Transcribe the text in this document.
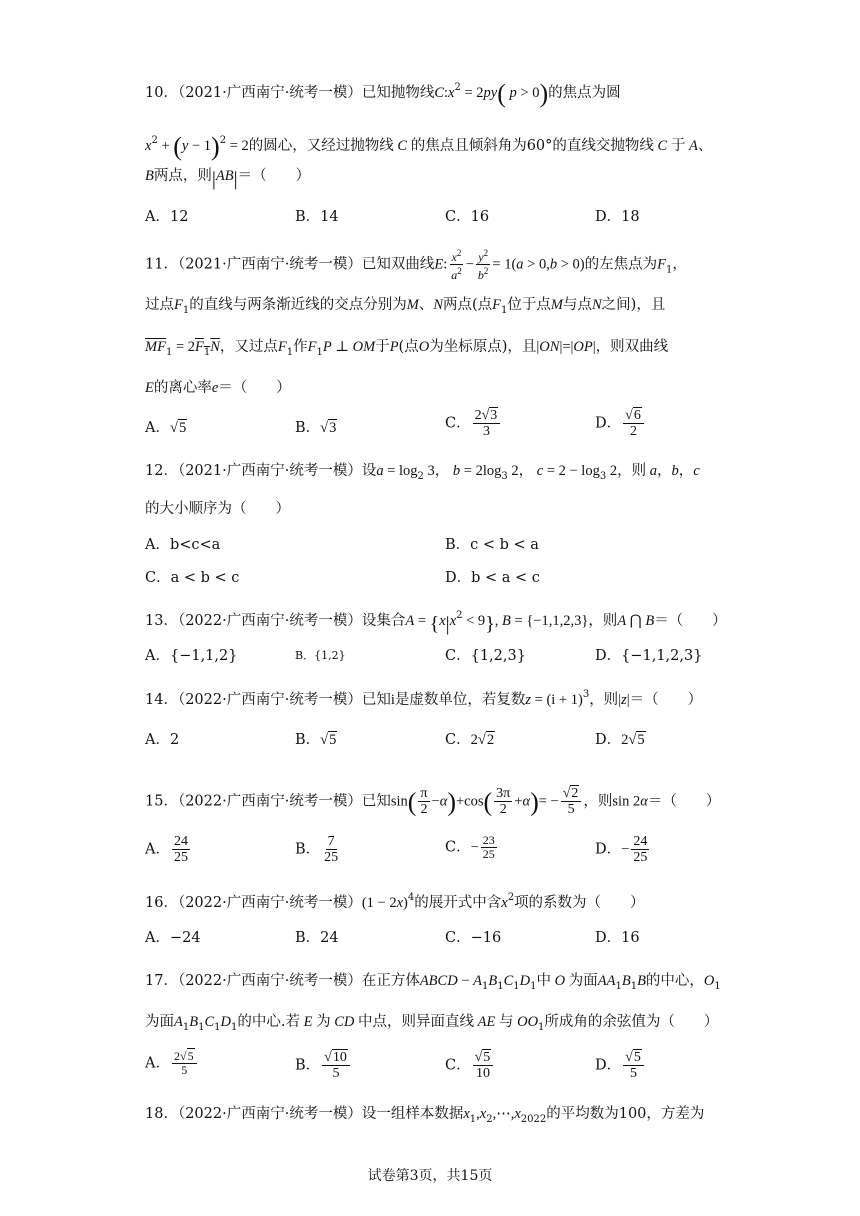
10．（2021·广西南宁·统考一模）已知抛物线$C:x^2 = 2py$( p > 0)的焦点为圆
$x^2 + (y - 1)^2 = 2$的圆心，又经过抛物线 C 的焦点且倾斜角为60°的直线交抛物线 C 于 A、
B两点，则|AB|＝（　　）
A．12	B．14	C．16	D．18
11．（2021·广西南宁·统考一模）已知双曲线E: $\frac{x^2}{a^2} - \frac{y^2}{b^2} = 1(a > 0,b > 0)$的左焦点为$F_1$，
过点$F_1$的直线与两条渐近线的交点分别为M、N两点(点$F_1$位于点M与点N之间)，且
$\overline{MF}_1 = 2\overline{F}_1\overline{N}$，又过点$F_1$作$F_1P$ ⊥ OM于P(点O为坐标原点)，且|ON|=|OP|，则双曲线
E的离心率e＝（　　）
A．√5	B．√3	C． $\frac{2√3}{3}$	D． $\frac{√6}{2}$
12．（2021·广西南宁·统考一模）设$a = \log_2 3$， $b = 2\log_3$ 2， $c = 2 - \log_3 2$，则 a，b，c
的大小顺序为（　　）
A．b<c<a	B．c < b < a
C．a < b < c	D．b < a < c
13．（2022·广西南宁·统考一模）设集合$A = \{x|x^2 < 9\}$, B = {−1,1,2,3}，则A ⋂ B＝（　　）
A．{−1,1,2}	B．{1,2}	C．{1,2,3}	D．{−1,1,2,3}
14．（2022·广西南宁·统考一模）已知i是虚数单位，若复数$z = (i + 1)^3$，则|z|＝（　　）
A．2	B．√5	C．2√2	D．2√5
15．（2022·广西南宁·统考一模）已知$\sin( \frac{\pi}{2} -\alpha)+\cos( \frac{3\pi}{2} +\alpha)= - \frac{√2}{5}$ ，则sin 2α＝（　　）
A． $\frac{24}{25}$	B． $\frac{7}{25}$	C．− $\frac{23}{25}$	D．− $\frac{24}{25}$
16．（2022·广西南宁·统考一模）$(1 - 2x)^4$的展开式中含$x^2$项的系数为（　　）
A．−24	B．24	C．−16	D．16
17．（2022·广西南宁·统考一模）在正方体ABCD − $A_1B_1C_1D_1$中 O 为面$AA_1B_1B$的中心，$O_1$
为面$A_1B_1C_1D_1$的中心.若 E 为 CD 中点，则异面直线 AE 与 $OO_1$所成角的余弦值为（　　）
A． $\frac{2√5}{5}$	B． $\frac{√10}{5}$	C． $\frac{√5}{10}$	D． $\frac{√5}{5}$
18．（2022·广西南宁·统考一模）设一组样本数据$x_1,x_2,\cdots,x_{2022}$的平均数为100，方差为
试卷第3页，共15页
